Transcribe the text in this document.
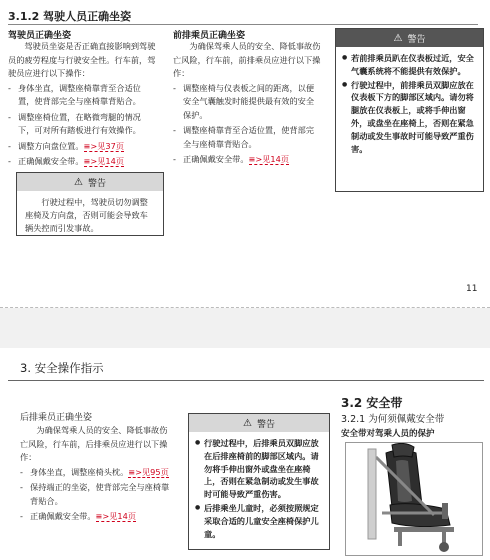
3.1.2 驾驶人员正确坐姿
驾驶员正确坐姿

驾驶员坐姿是否正确直接影响到驾驶员的疲劳程度与行驶安全性。行车前，驾驶员应进行以下操作：

- 身体坐直，调整座椅靠背至合适位置，使背部完全与座椅靠背贴合。
- 调整座椅位置，在略微弯腿的情况下，可对所有踏板进行有效操作。
- 调整方向盘位置。≡>见37页
- 正确佩戴安全带。≡>见14页
⚠ 警告
行驶过程中，驾驶员切勿调整座椅及方向盘，否则可能会导致车辆失控而引发事故。
前排乘员正确坐姿

为确保驾乘人员的安全、降低事故伤亡风险，行车前，前排乘员应进行以下操作：

- 调整座椅与仪表板之间的距离，以便安全气囊触发时能提供最有效的安全保护。
- 调整座椅靠背至合适位置，使背部完全与座椅靠背贴合。
- 正确佩戴安全带。≡>见14页
⚠ 警告
● 若前排乘员趴在仪表板过近，安全气囊系统将不能提供有效保护。
● 行驶过程中，前排乘员双脚应放在仪表板下方的脚部区域内。请勿将腿放在仪表板上，或将手伸出窗外，或盘坐在座椅上，否则在紧急制动或发生事故时可能导致严重伤害。
11
3. 安全操作指示
后排乘员正确坐姿

为确保驾乘人员的安全、降低事故伤亡风险，行车前，后排乘员应进行以下操作：

- 身体坐直，调整座椅头枕。≡>见95页
- 保持端正的坐姿，使背部完全与座椅靠背贴合。
- 正确佩戴安全带。≡>见14页
⚠ 警告
● 行驶过程中，后排乘员双脚应放在后排座椅前的脚部区域内。请勿将手伸出窗外或盘坐在座椅上，否则在紧急制动或发生事故时可能导致严重伤害。
● 后排乘坐儿童时，必须按照规定采取合适的儿童安全座椅保护儿童。
3.2 安全带
3.2.1 为何须佩戴安全带
安全带对驾乘人员的保护
